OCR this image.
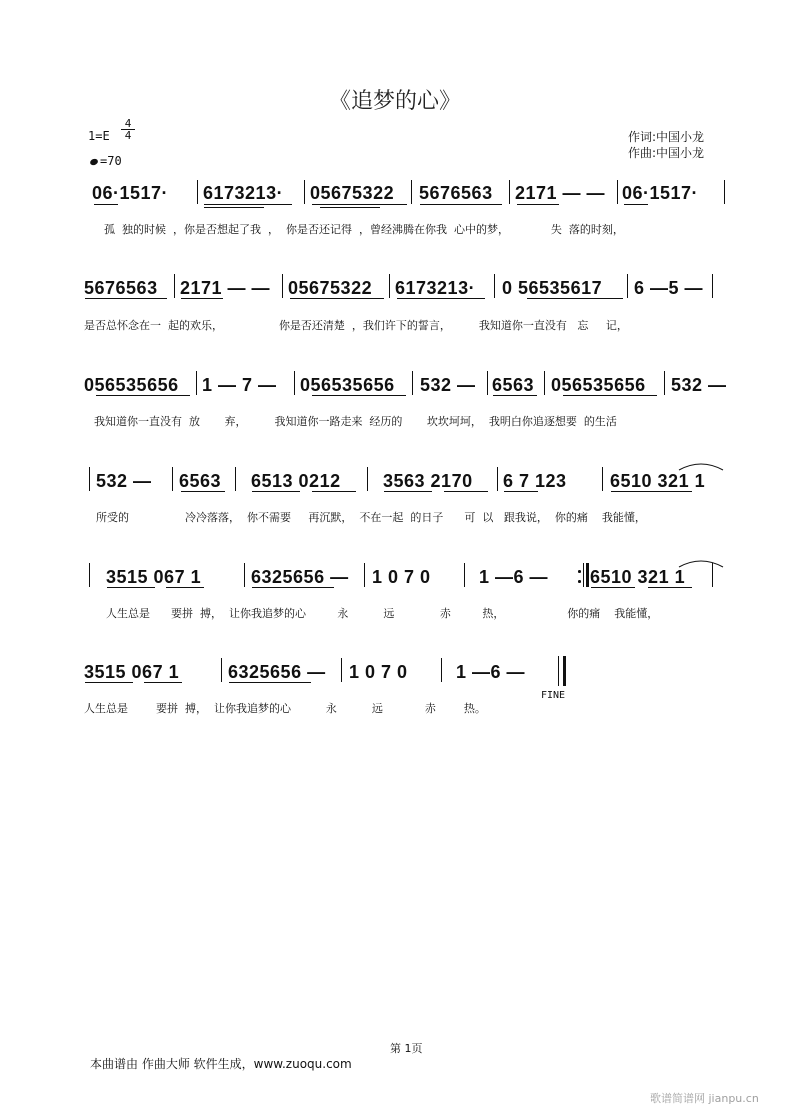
《追梦的心》
1=E
4
4
=70
作词:中国小龙
作曲:中国小龙
06·1517· 6173213· 05675322 5676563 2171 — — 06·1517·
孤  独的时候  ，你是否想起了我  ，  你是否还记得  ，曾经沸腾在你我  心中的梦，            失  落的时刻，
5676563 2171 — — 05675322 6173213· 0 56535617 6 —5 —
是否总怀念在一  起的欢乐，                你是否还清楚  ，我们许下的誓言，        我知道你一直没有   忘     记，
056535656 1 — 7 — 056535656 532 — 6563 056535656 532 —
我知道你一直没有  放       弃，        我知道你一路走来  经历的       坎坎坷坷，  我明白你追逐想要  的生活
532 — 6563 6513 0212 3563 2170 6 7 123 6510 321 1
所受的                冷冷落落，  你不需要     再沉默，  不在一起  的日子      可  以   跟我说，  你的痛    我能懂，
3515 067 1	6325656 — 1 0 7 0	1 —6 — 6510 321 1
人生总是      要拼  搏，  让你我追梦的心         永          远             赤         热，                  你的痛    我能懂，
3515 067 1	6325656 — 1 0 7 0	1 —6 —
人生总是        要拼  搏，  让你我追梦的心          永          远            赤        热。
FINE
第 1页
本曲谱由 作曲大师 软件生成，www.zuoqu.com
歌谱简谱网 jianpu.cn
